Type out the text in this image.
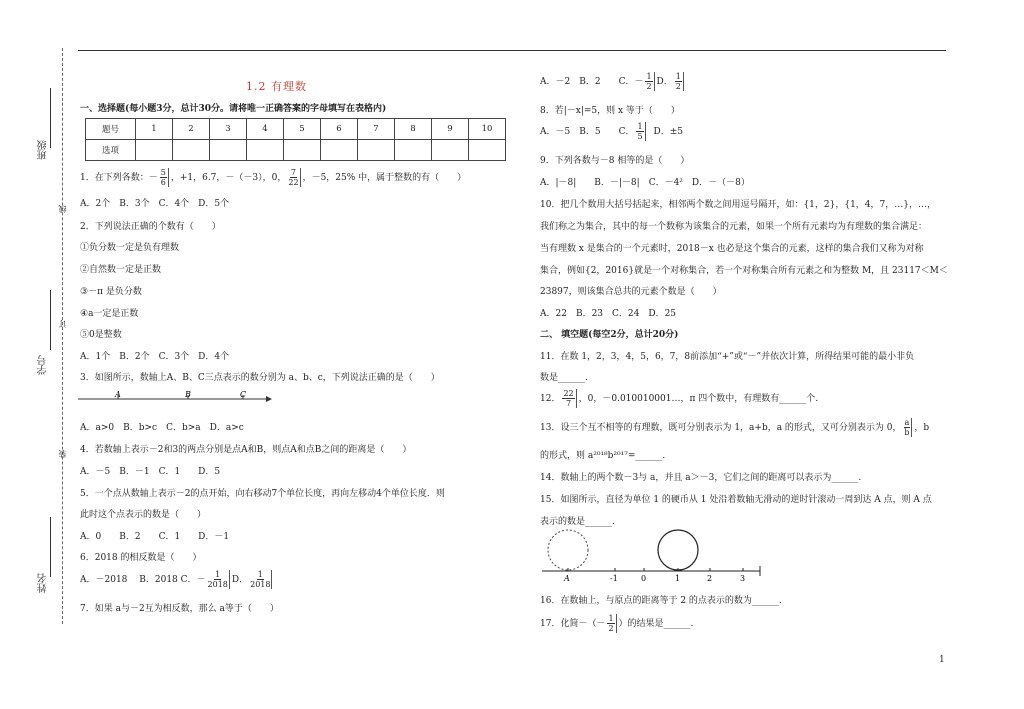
班级
线
订
学号
装
姓名
1.2 有理数
一、选择题(每小题3分，总计30分。请将唯一正确答案的字母填写在表格内)
题号	1	2	3	4	5	6	7	8	9	10
选项										
1．在下列各数：－ $\frac{5}{6}$ ，+1，6.7，－（－3），0， $\frac{7}{22}$ ，－5，25% 中，属于整数的有（　　）
A．2个　B．3个　C．4个　D．5个
2．下列说法正确的个数有（　　）
①负分数一定是负有理数
②自然数一定是正数
③－π 是负分数
④a一定是正数
⑤0是整数
A．1个　B．2个　C．3个　D．4个
3．如图所示，数轴上A、B、C三点表示的数分别为 a、b、c，下列说法正确的是（　　）
A	B	C
A．a>0　B．b>c　C．b>a　D．a>c
4．若数轴上表示－2和3的两点分别是点A和B，则点A和点B之间的距离是（　　）
A．－5　B．－1　C．1　　D．5
5．一个点从数轴上表示－2的点开始，向右移动7个单位长度，再向左移动4个单位长度．则
此时这个点表示的数是（　　）
A．0　　B．2　　C．1　　D．－1
6．2018 的相反数是（　　）
A．－2018　 B．2018 C．－ $\frac{1}{2018}$ D． $\frac{1}{2018}$
7．如果 a与－2互为相反数，那么 a等于（　　）
A．－2　B．2　　C．－ $\frac{1}{2}$ D． $\frac{1}{2}$
8．若|－x|=5，则 x 等于（　　）
A．－5　B．5　　C． $\frac{1}{5}$ D．±5
9．下列各数与－8 相等的是（　　）
A．|－8|　　B．－|－8|　C．－4²　D．－（－8）
10．把几个数用大括号括起来，相邻两个数之间用逗号隔开，如：{1，2}，{1，4，7，…}，…，
我们称之为集合，其中的每一个数称为该集合的元素，如果一个所有元素均为有理数的集合满足：
当有理数 x 是集合的一个元素时，2018－x 也必是这个集合的元素，这样的集合我们又称为对称
集合，例如{2，2016}就是一个对称集合，若一个对称集合所有元素之和为整数 M，且 23117＜M＜
23897，则该集合总共的元素个数是（　　）
A．22　B．23　C．24　D．25
二、 填空题(每空2分，总计20分)
11．在数 1，2，3，4，5，6，7，8前添加“+”或“－”并依次计算，所得结果可能的最小非负
数是______.
12． $\frac{22}{7}$ ，0，－0.010010001…，π 四个数中，有理数有______个.
13．设三个互不相等的有理数，既可分别表示为 1，a+b，a 的形式，又可分别表示为 0， $\frac{a}{b}$ ，b
的形式，则 a²⁰¹⁸b²⁰¹⁷=______.
14．数轴上的两个数－3与 a，并且 a＞－3，它们之间的距离可以表示为______.
15．如图所示，直径为单位 1 的硬币从 1 处沿着数轴无滑动的逆时针滚动一周到达 A 点，则 A 点
表示的数是______.
A	-1	0	1	2	3
16．在数轴上，与原点的距离等于 2 的点表示的数为______.
17．化简－（－ $\frac{1}{2}$ ）的结果是______.
1
